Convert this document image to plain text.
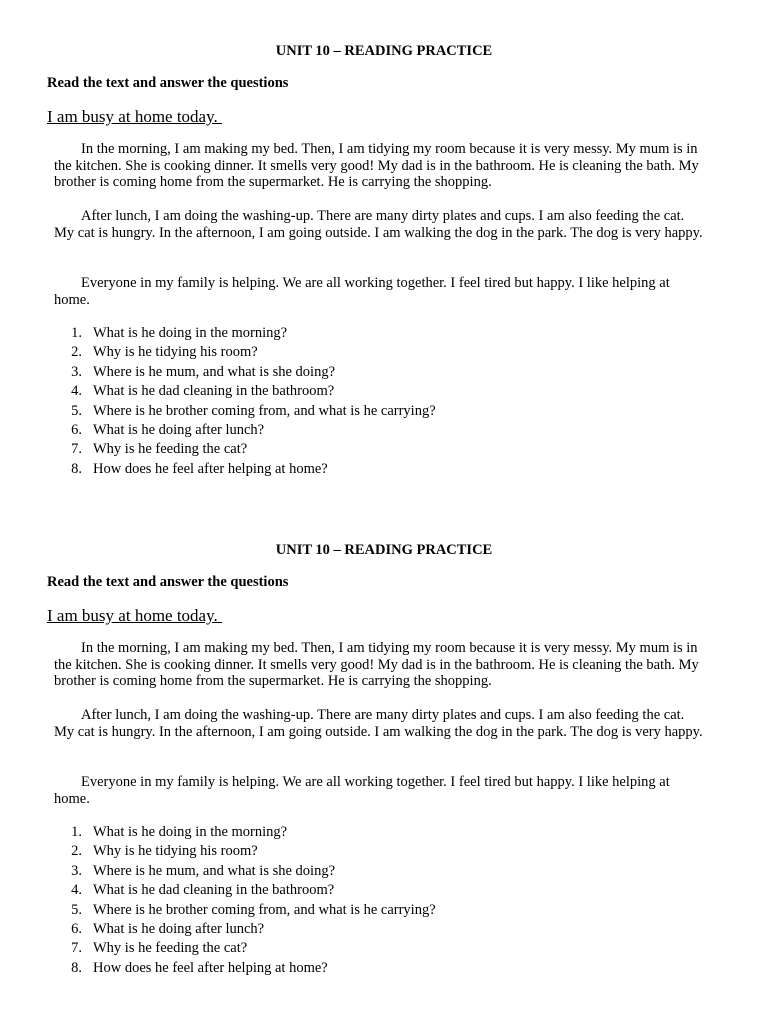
UNIT 10 – READING PRACTICE
Read the text and answer the questions
I am busy at home today.

In the morning, I am making my bed. Then, I am tidying my room because it is very messy. My mum is in the kitchen. She is cooking dinner. It smells very good! My dad is in the bathroom. He is cleaning the bath. My brother is coming home from the supermarket. He is carrying the shopping.

After lunch, I am doing the washing-up. There are many dirty plates and cups. I am also feeding the cat. My cat is hungry. In the afternoon, I am going outside. I am walking the dog in the park. The dog is very happy.

Everyone in my family is helping. We are all working together. I feel tired but happy. I like helping at home.

1. What is he doing in the morning?
2. Why is he tidying his room?
3. Where is he mum, and what is she doing?
4. What is he dad cleaning in the bathroom?
5. Where is he brother coming from, and what is he carrying?
6. What is he doing after lunch?
7. Why is he feeding the cat?
8. How does he feel after helping at home?
UNIT 10 – READING PRACTICE
Read the text and answer the questions
I am busy at home today.

In the morning, I am making my bed. Then, I am tidying my room because it is very messy. My mum is in the kitchen. She is cooking dinner. It smells very good! My dad is in the bathroom. He is cleaning the bath. My brother is coming home from the supermarket. He is carrying the shopping.

After lunch, I am doing the washing-up. There are many dirty plates and cups. I am also feeding the cat. My cat is hungry. In the afternoon, I am going outside. I am walking the dog in the park. The dog is very happy.

Everyone in my family is helping. We are all working together. I feel tired but happy. I like helping at home.

1. What is he doing in the morning?
2. Why is he tidying his room?
3. Where is he mum, and what is she doing?
4. What is he dad cleaning in the bathroom?
5. Where is he brother coming from, and what is he carrying?
6. What is he doing after lunch?
7. Why is he feeding the cat?
8. How does he feel after helping at home?
